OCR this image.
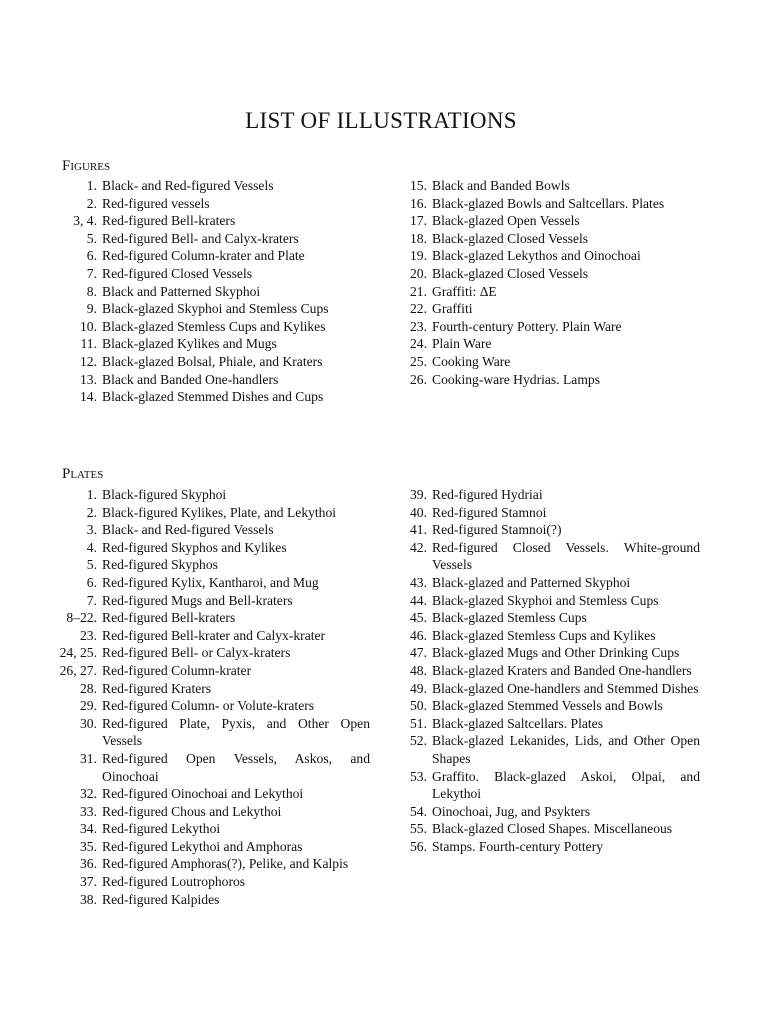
LIST OF ILLUSTRATIONS
Figures
1. Black- and Red-figured Vessels
2. Red-figured vessels
3, 4. Red-figured Bell-kraters
5. Red-figured Bell- and Calyx-kraters
6. Red-figured Column-krater and Plate
7. Red-figured Closed Vessels
8. Black and Patterned Skyphoi
9. Black-glazed Skyphoi and Stemless Cups
10. Black-glazed Stemless Cups and Kylikes
11. Black-glazed Kylikes and Mugs
12. Black-glazed Bolsal, Phiale, and Kraters
13. Black and Banded One-handlers
14. Black-glazed Stemmed Dishes and Cups
15. Black and Banded Bowls
16. Black-glazed Bowls and Saltcellars. Plates
17. Black-glazed Open Vessels
18. Black-glazed Closed Vessels
19. Black-glazed Lekythos and Oinochoai
20. Black-glazed Closed Vessels
21. Graffiti: ΔΕ
22. Graffiti
23. Fourth-century Pottery. Plain Ware
24. Plain Ware
25. Cooking Ware
26. Cooking-ware Hydrias. Lamps
Plates
1. Black-figured Skyphoi
2. Black-figured Kylikes, Plate, and Lekythoi
3. Black- and Red-figured Vessels
4. Red-figured Skyphos and Kylikes
5. Red-figured Skyphos
6. Red-figured Kylix, Kantharoi, and Mug
7. Red-figured Mugs and Bell-kraters
8–22. Red-figured Bell-kraters
23. Red-figured Bell-krater and Calyx-krater
24, 25. Red-figured Bell- or Calyx-kraters
26, 27. Red-figured Column-krater
28. Red-figured Kraters
29. Red-figured Column- or Volute-kraters
30. Red-figured Plate, Pyxis, and Other Open Vessels
31. Red-figured Open Vessels, Askos, and Oinochoai
32. Red-figured Oinochoai and Lekythoi
33. Red-figured Chous and Lekythoi
34. Red-figured Lekythoi
35. Red-figured Lekythoi and Amphoras
36. Red-figured Amphoras(?), Pelike, and Kalpis
37. Red-figured Loutrophoros
38. Red-figured Kalpides
39. Red-figured Hydriai
40. Red-figured Stamnoi
41. Red-figured Stamnoi(?)
42. Red-figured Closed Vessels. White-ground Vessels
43. Black-glazed and Patterned Skyphoi
44. Black-glazed Skyphoi and Stemless Cups
45. Black-glazed Stemless Cups
46. Black-glazed Stemless Cups and Kylikes
47. Black-glazed Mugs and Other Drinking Cups
48. Black-glazed Kraters and Banded One-handlers
49. Black-glazed One-handlers and Stemmed Dishes
50. Black-glazed Stemmed Vessels and Bowls
51. Black-glazed Saltcellars. Plates
52. Black-glazed Lekanides, Lids, and Other Open Shapes
53. Graffito. Black-glazed Askoi, Olpai, and Lekythoi
54. Oinochoai, Jug, and Psykters
55. Black-glazed Closed Shapes. Miscellaneous
56. Stamps. Fourth-century Pottery
